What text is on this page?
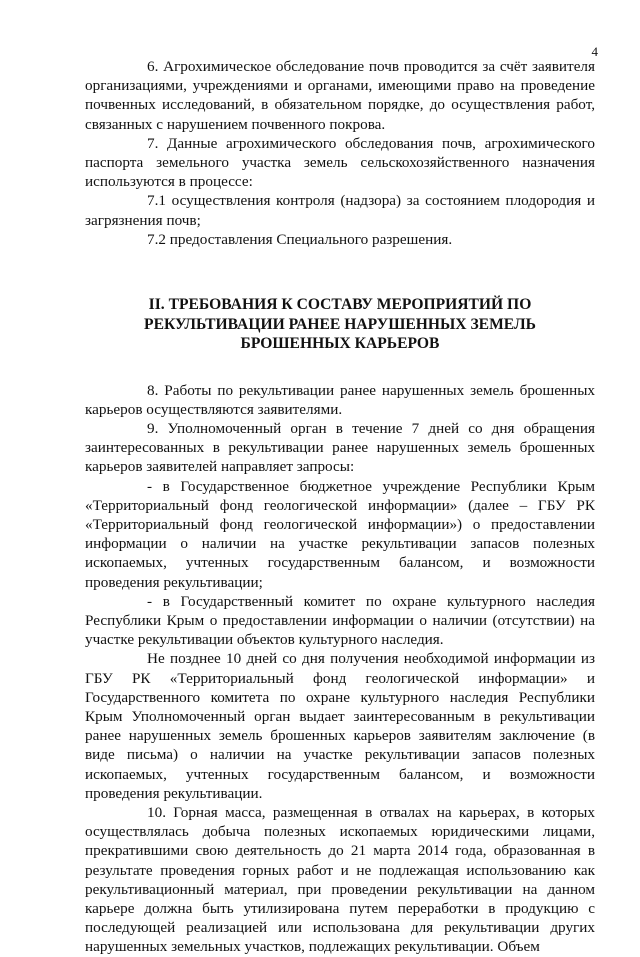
4

6. Агрохимическое обследование почв проводится за счёт заявителя организациями, учреждениями и органами, имеющими право на проведение почвенных исследований, в обязательном порядке, до осуществления работ, связанных с нарушением почвенного покрова.

7. Данные агрохимического обследования почв, агрохимического паспорта земельного участка земель сельскохозяйственного назначения используются в процессе:

7.1 осуществления контроля (надзора) за состоянием плодородия и загрязнения почв;

7.2 предоставления Специального разрешения.

II. ТРЕБОВАНИЯ К СОСТАВУ МЕРОПРИЯТИЙ ПО РЕКУЛЬТИВАЦИИ РАНЕЕ НАРУШЕННЫХ ЗЕМЕЛЬ БРОШЕННЫХ КАРЬЕРОВ

8. Работы по рекультивации ранее нарушенных земель брошенных карьеров осуществляются заявителями.

9. Уполномоченный орган в течение 7 дней со дня обращения заинтересованных в рекультивации ранее нарушенных земель брошенных карьеров заявителей направляет запросы:

- в Государственное бюджетное учреждение Республики Крым «Территориальный фонд геологической информации» (далее – ГБУ РК «Территориальный фонд геологической информации») о предоставлении информации о наличии на участке рекультивации запасов полезных ископаемых, учтенных государственным балансом, и возможности проведения рекультивации;

- в Государственный комитет по охране культурного наследия Республики Крым о предоставлении информации о наличии (отсутствии) на участке рекультивации объектов культурного наследия.

Не позднее 10 дней со дня получения необходимой информации из ГБУ РК «Территориальный фонд геологической информации» и Государственного комитета по охране культурного наследия Республики Крым Уполномоченный орган выдает заинтересованным в рекультивации ранее нарушенных земель брошенных карьеров заявителям заключение (в виде письма) о наличии на участке рекультивации запасов полезных ископаемых, учтенных государственным балансом, и возможности проведения рекультивации.

10. Горная масса, размещенная в отвалах на карьерах, в которых осуществлялась добыча полезных ископаемых юридическими лицами, прекратившими свою деятельность до 21 марта 2014 года, образованная в результате проведения горных работ и не подлежащая использованию как рекультивационный материал, при проведении рекультивации на данном карьере должна быть утилизирована путем переработки в продукцию с последующей реализацией или использована для рекультивации других нарушенных земельных участков, подлежащих рекультивации. Объем
